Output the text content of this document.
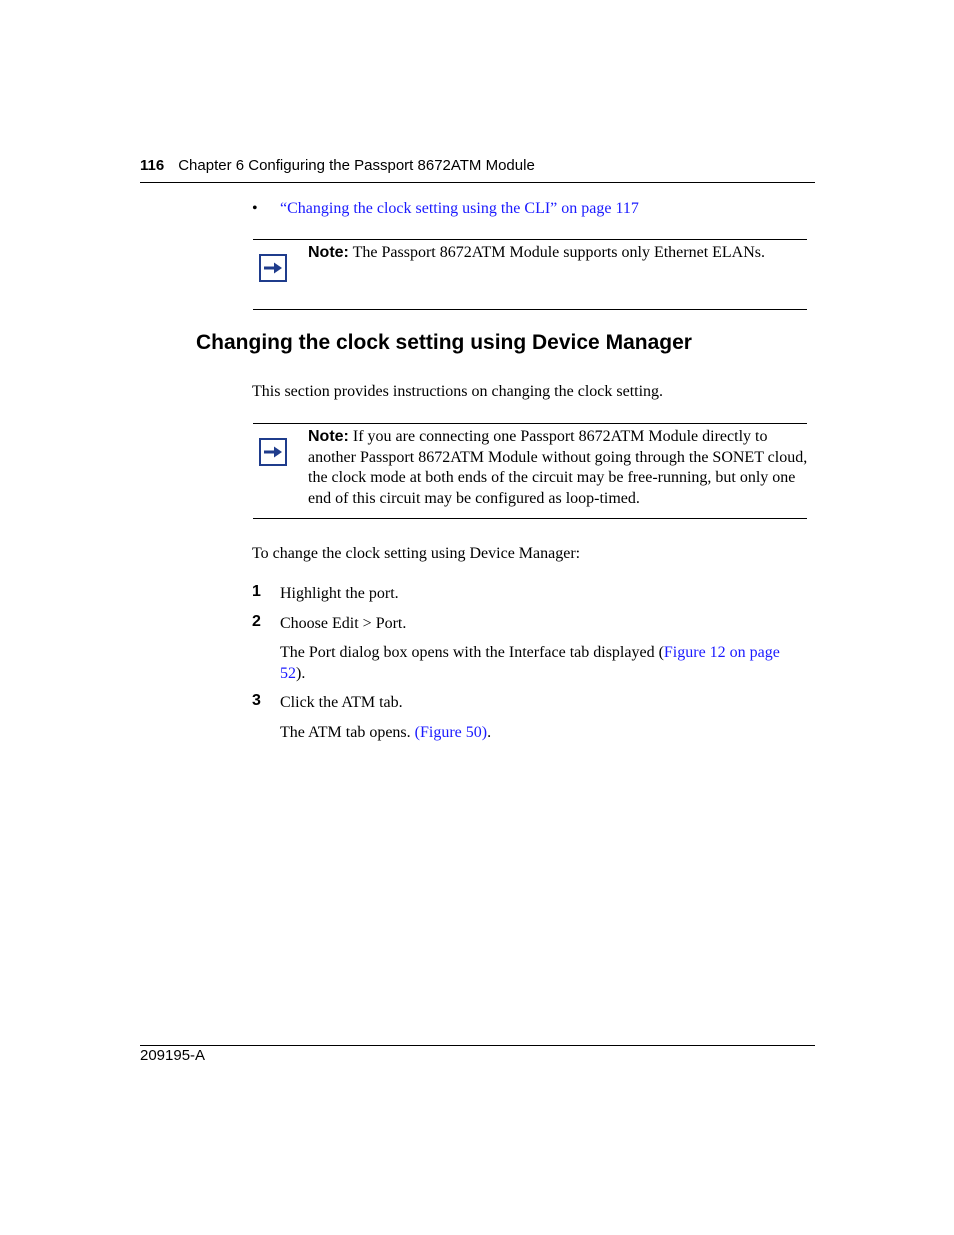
116 Chapter 6 Configuring the Passport 8672ATM Module
• “Changing the clock setting using the CLI” on page 117
Note: The Passport 8672ATM Module supports only Ethernet ELANs.
Changing the clock setting using Device Manager
This section provides instructions on changing the clock setting.
Note: If you are connecting one Passport 8672ATM Module directly to another Passport 8672ATM Module without going through the SONET cloud, the clock mode at both ends of the circuit may be free-running, but only one end of this circuit may be configured as loop-timed.
To change the clock setting using Device Manager:
1 Highlight the port.
2 Choose Edit > Port.
The Port dialog box opens with the Interface tab displayed (Figure 12 on page 52).
3 Click the ATM tab.
The ATM tab opens. (Figure 50).
209195-A
